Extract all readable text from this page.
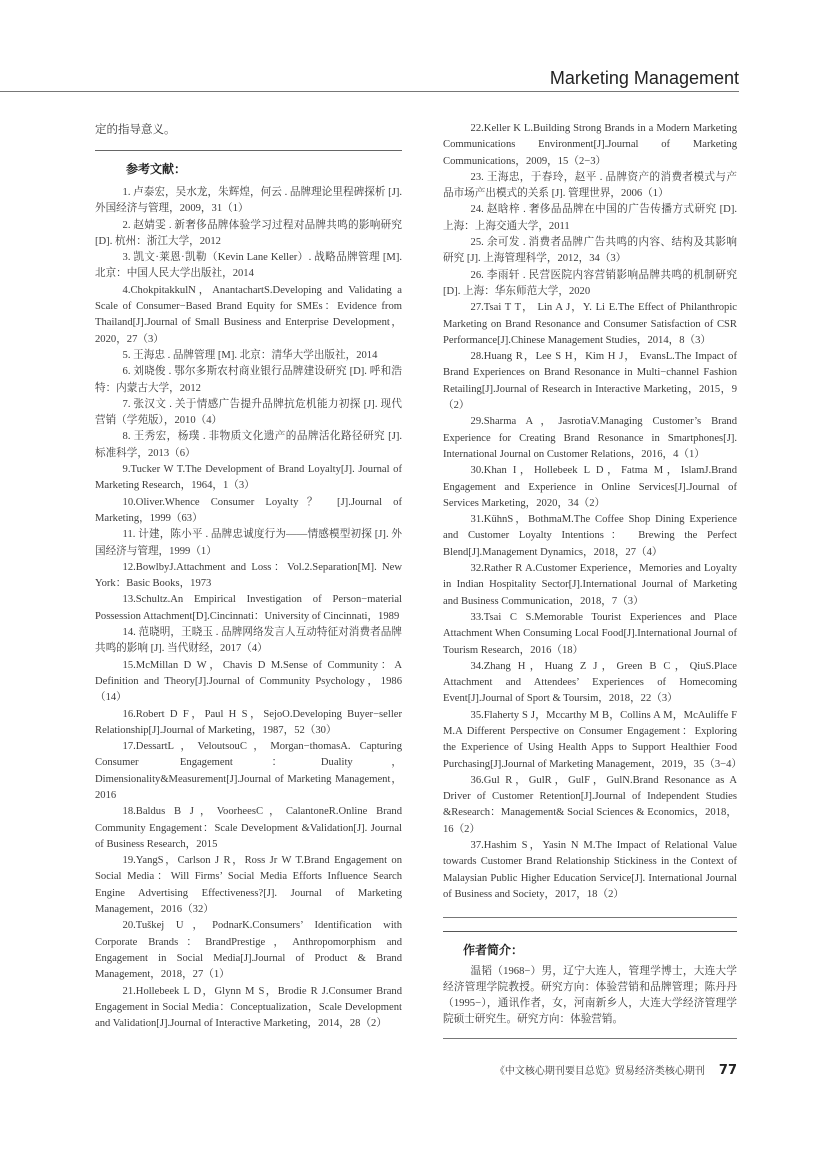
Marketing Management

定的指导意义。

参考文献：

1. 卢泰宏，吴水龙，朱辉煌，何云 . 品牌理论里程碑探析 [J]. 外国经济与管理，2009，31（1）

2. 赵婧雯 . 新奢侈品牌体验学习过程对品牌共鸣的影响研究 [D]. 杭州：浙江大学，2012

3. 凯文·莱恩·凯勒（Kevin Lane Keller）. 战略品牌管理 [M]. 北京：中国人民大学出版社，2014

4.ChokpitakkulN，AnantachartS.Developing and Validating a Scale of Consumer−Based Brand Equity for SMEs：Evidence from Thailand[J].Journal of Small Business and Enterprise Development，2020，27（3）

5. 王海忠 . 品牌管理 [M]. 北京：清华大学出版社，2014

6. 刘晓俊 . 鄂尔多斯农村商业银行品牌建设研究 [D]. 呼和浩特：内蒙古大学，2012

7. 张汉文 . 关于情感广告提升品牌抗危机能力初探 [J]. 现代营销（学苑版），2010（4）

8. 王秀宏，杨璞 . 非物质文化遗产的品牌活化路径研究 [J]. 标准科学，2013（6）

9.Tucker W T.The Development of Brand Loyalty[J]. Journal of Marketing Research，1964，1（3）

10.Oliver.Whence Consumer Loyalty？ [J].Journal of Marketing，1999（63）

11. 计建，陈小平 . 品牌忠诚度行为——情感模型初探 [J]. 外国经济与管理，1999（1）

12.BowlbyJ.Attachment and Loss：Vol.2.Separation[M]. New York：Basic Books，1973

13.Schultz.An Empirical Investigation of Person−material Possession Attachment[D].Cincinnati：University of Cincinnati，1989

14. 范晓明，王晓玉 . 品牌网络发言人互动特征对消费者品牌共鸣的影响 [J]. 当代财经，2017（4）

15.McMillan D W，Chavis D M.Sense of Community：A Definition and Theory[J].Journal of Community Psychology，1986（14）

16.Robert D F，Paul H S，SejoO.Developing Buyer−seller Relationship[J].Journal of Marketing，1987，52（30）

17.DessartL，VeloutsouC，Morgan−thomasA. Capturing Consumer Engagement：Duality，Dimensionality&Measurement[J].Journal of Marketing Management，2016

18.Baldus B J，VoorheesC，CalantoneR.Online Brand Community Engagement：Scale Development &Validation[J]. Journal of Business Research，2015

19.YangS，Carlson J R，Ross Jr W T.Brand Engagement on Social Media：Will Firms’ Social Media Efforts Influence Search Engine Advertising Effectiveness?[J]. Journal of Marketing Management，2016（32）

20.Tuškej U，PodnarK.Consumers’ Identification with Corporate Brands：BrandPrestige，Anthropomorphism and Engagement in Social Media[J].Journal of Product & Brand Management，2018，27（1）

21.Hollebeek L D，Glynn M S，Brodie R J.Consumer Brand Engagement in Social Media：Conceptualization，Scale Development and Validation[J].Journal of Interactive Marketing，2014，28（2）

22.Keller K L.Building Strong Brands in a Modern Marketing Communications Environment[J].Journal of Marketing Communications，2009，15（2−3）

23. 王海忠，于春玲，赵平 . 品牌资产的消费者模式与产品市场产出模式的关系 [J]. 管理世界，2006（1）

24. 赵晗梓 . 奢侈品品牌在中国的广告传播方式研究 [D]. 上海：上海交通大学，2011

25. 余可发 . 消费者品牌广告共鸣的内容、结构及其影响研究 [J]. 上海管理科学，2012，34（3）

26. 李雨轩 . 民营医院内容营销影响品牌共鸣的机制研究 [D]. 上海：华东师范大学，2020

27.Tsai T T， Lin A J，Y. Li E.The Effect of Philanthropic Marketing on Brand Resonance and Consumer Satisfaction of CSR Performance[J].Chinese Management Studies，2014，8（3）

28.Huang R，Lee S H，Kim H J， EvansL.The Impact of Brand Experiences on Brand Resonance in Multi−channel Fashion Retailing[J].Journal of Research in Interactive Marketing，2015，9（2）

29.Sharma A，JasrotiaV.Managing Customer’s Brand Experience for Creating Brand Resonance in Smartphones[J]. International Journal on Customer Relations，2016，4（1）

30.Khan I，Hollebeek L D，Fatma M，IslamJ.Brand Engagement and Experience in Online Services[J].Journal of Services Marketing，2020，34（2）

31.KühnS，BothmaM.The Coffee Shop Dining Experience and Customer Loyalty Intentions： Brewing the Perfect Blend[J].Management Dynamics，2018，27（4）

32.Rather R A.Customer Experience，Memories and Loyalty in Indian Hospitality Sector[J].International Journal of Marketing and Business Communication，2018，7（3）

33.Tsai C S.Memorable Tourist Experiences and Place Attachment When Consuming Local Food[J].International Journal of Tourism Research，2016（18）

34.Zhang H，Huang Z J，Green B C，QiuS.Place Attachment and Attendees’ Experiences of Homecoming Event[J].Journal of Sport & Toursim，2018，22（3）

35.Flaherty S J，Mccarthy M B，Collins A M，McAuliffe F M.A Different Perspective on Consumer Engagement：Exploring the Experience of Using Health Apps to Support Healthier Food Purchasing[J].Journal of Marketing Management，2019，35（3−4）

36.Gul R，GulR，GulF，GulN.Brand Resonance as A Driver of Customer Retention[J].Journal of Independent Studies &Research：Management& Social Sciences & Economics，2018，16（2）

37.Hashim S，Yasin N M.The Impact of Relational Value towards Customer Brand Relationship Stickiness in the Context of Malaysian Public Higher Education Service[J]. International Journal of Business and Society，2017，18（2）

作者简介：

温韬（1968−）男，辽宁大连人，管理学博士，大连大学经济管理学院教授。研究方向：体验营销和品牌管理；陈丹丹（1995−），通讯作者，女，河南新乡人，大连大学经济管理学院硕士研究生。研究方向：体验营销。

《中文核心期刊要目总览》贸易经济类核心期刊 77
